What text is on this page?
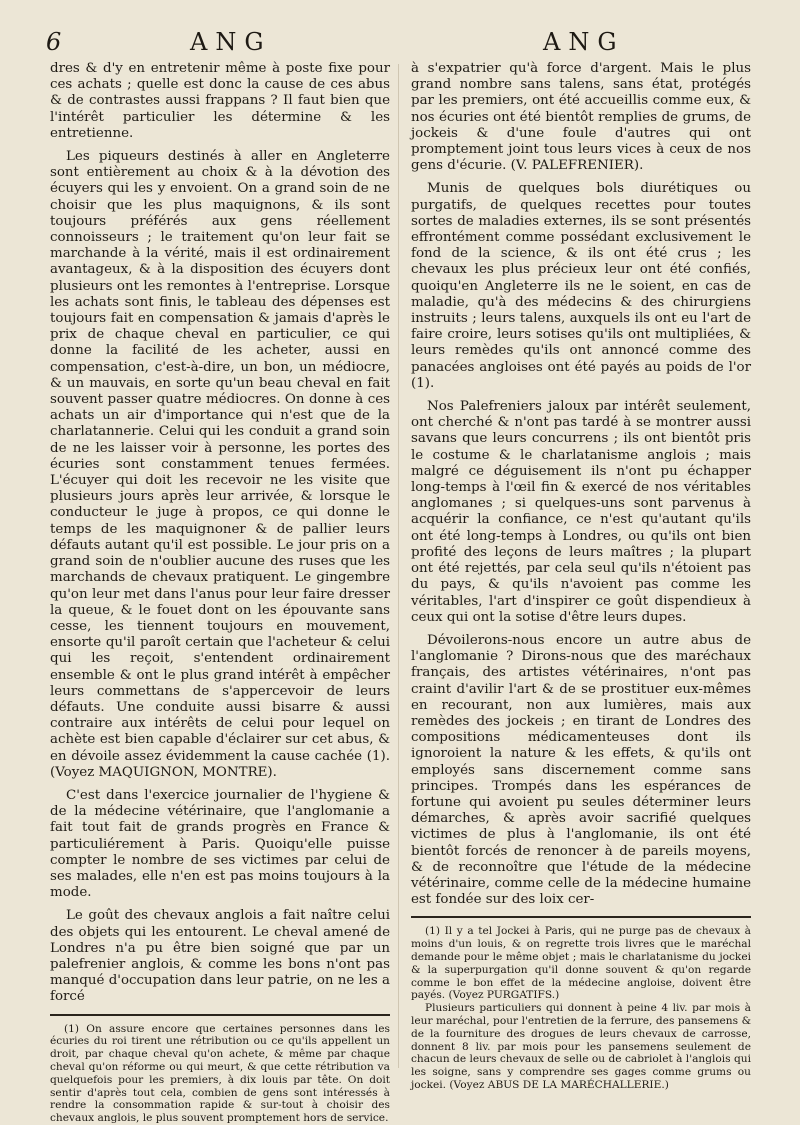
6	ANG	ANG

dres & d'y en entretenir même à poste fixe pour ces achats ; quelle est donc la cause de ces abus & de contrastes aussi frappans ? Il faut bien que l'intérêt particulier les détermine & les entretienne.

Les piqueurs destinés à aller en Angleterre sont entièrement au choix & à la dévotion des écuyers qui les y envoient. On a grand soin de ne choisir que les plus maquignons, & ils sont toujours préférés aux gens réellement connoisseurs ; le traitement qu'on leur fait se marchande à la vérité, mais il est ordinairement avantageux, & à la disposition des écuyers dont plusieurs ont les remontes à l'entreprise. Lorsque les achats sont finis, le tableau des dépenses est toujours fait en compensation & jamais d'après le prix de chaque cheval en particulier, ce qui donne la facilité de les acheter, aussi en compensation, c'est-à-dire, un bon, un médiocre, & un mauvais, en sorte qu'un beau cheval en fait souvent passer quatre médiocres. On donne à ces achats un air d'importance qui n'est que de la charlatannerie. Celui qui les conduit a grand soin de ne les laisser voir à personne, les portes des écuries sont constamment tenues fermées. L'écuyer qui doit les recevoir ne les visite que plusieurs jours après leur arrivée, & lorsque le conducteur le juge à propos, ce qui donne le temps de les maquignoner & de pallier leurs défauts autant qu'il est possible. Le jour pris on a grand soin de n'oublier aucune des ruses que les marchands de chevaux pratiquent. Le gingembre qu'on leur met dans l'anus pour leur faire dresser la queue, & le fouet dont on les épouvante sans cesse, les tiennent toujours en mouvement, ensorte qu'il paroît certain que l'acheteur & celui qui les reçoit, s'entendent ordinairement ensemble & ont le plus grand intérêt à empêcher leurs commettans de s'appercevoir de leurs défauts. Une conduite aussi bisarre & aussi contraire aux intérêts de celui pour lequel on achète est bien capable d'éclairer sur cet abus, & en dévoile assez évidemment la cause cachée (1). (Voyez MAQUIGNON, MONTRE).

C'est dans l'exercice journalier de l'hygiene & de la médecine vétérinaire, que l'anglomanie a fait tout fait de grands progrès en France & particuliérement à Paris. Quoiqu'elle puisse compter le nombre de ses victimes par celui de ses malades, elle n'en est pas moins toujours à la mode.

Le goût des chevaux anglois a fait naître celui des objets qui les entourent. Le cheval amené de Londres n'a pu être bien soigné que par un palefrenier anglois, & comme les bons n'ont pas manqué d'occupation dans leur patrie, on ne les a forcé

(1) On assure encore que certaines personnes dans les écuries du roi tirent une rétribution ou ce qu'ils appellent un droit, par chaque cheval qu'on achete, & même par chaque cheval qu'on réforme ou qui meurt, & que cette rétribution va quelquefois pour les premiers, à dix louis par tête. On doit sentir d'après tout cela, combien de gens sont intéressés à rendre la consommation rapide & sur-tout à choisir des chevaux anglois, le plus souvent promptement hors de service.

à s'expatrier qu'à force d'argent. Mais le plus grand nombre sans talens, sans état, protégés par les premiers, ont été accueillis comme eux, & nos écuries ont été bientôt remplies de grums, de jockeis & d'une foule d'autres qui ont promptement joint tous leurs vices à ceux de nos gens d'écurie. (V. PALEFRENIER).

Munis de quelques bols diurétiques ou purgatifs, de quelques recettes pour toutes sortes de maladies externes, ils se sont présentés effrontément comme possédant exclusivement le fond de la science, & ils ont été crus ; les chevaux les plus précieux leur ont été confiés, quoiqu'en Angleterre ils ne le soient, en cas de maladie, qu'à des médecins & des chirurgiens instruits ; leurs talens, auxquels ils ont eu l'art de faire croire, leurs sotises qu'ils ont multipliées, & leurs remèdes qu'ils ont annoncé comme des panacées angloises ont été payés au poids de l'or (1).

Nos Palefreniers jaloux par intérêt seulement, ont cherché & n'ont pas tardé à se montrer aussi savans que leurs concurrens ; ils ont bientôt pris le costume & le charlatanisme anglois ; mais malgré ce déguisement ils n'ont pu échapper long-temps à l'œil fin & exercé de nos véritables anglomanes ; si quelques-uns sont parvenus à acquérir la confiance, ce n'est qu'autant qu'ils ont été long-temps à Londres, ou qu'ils ont bien profité des leçons de leurs maîtres ; la plupart ont été rejettés, par cela seul qu'ils n'étoient pas du pays, & qu'ils n'avoient pas comme les véritables, l'art d'inspirer ce goût dispendieux à ceux qui ont la sotise d'être leurs dupes.

Dévoilerons-nous encore un autre abus de l'anglomanie ? Dirons-nous que des maréchaux français, des artistes vétérinaires, n'ont pas craint d'avilir l'art & de se prostituer eux-mêmes en recourant, non aux lumières, mais aux remèdes des jockeis ; en tirant de Londres des compositions médicamenteuses dont ils ignoroient la nature & les effets, & qu'ils ont employés sans discernement comme sans principes. Trompés dans les espérances de fortune qui avoient pu seules déterminer leurs démarches, & après avoir sacrifié quelques victimes de plus à l'anglomanie, ils ont été bientôt forcés de renoncer à de pareils moyens, & de reconnoître que l'étude de la médecine vétérinaire, comme celle de la médecine humaine est fondée sur des loix cer-

(1) Il y a tel Jockei à Paris, qui ne purge pas de chevaux à moins d'un louis, & on regrette trois livres que le maréchal demande pour le même objet ; mais le charlatanisme du jockei & la superpurgation qu'il donne souvent & qu'on regarde comme le bon effet de la médecine angloise, doivent être payés. (Voyez PURGATIFS.)

Plusieurs particuliers qui donnent à peine 4 liv. par mois à leur maréchal, pour l'entretien de la ferrure, des pansemens & de la fourniture des drogues de leurs chevaux de carrosse, donnent 8 liv. par mois pour les pansemens seulement de chacun de leurs chevaux de selle ou de cabriolet à l'anglois qui les soigne, sans y comprendre ses gages comme grums ou jockei. (Voyez ABUS DE LA MARÉCHALLERIE.)
